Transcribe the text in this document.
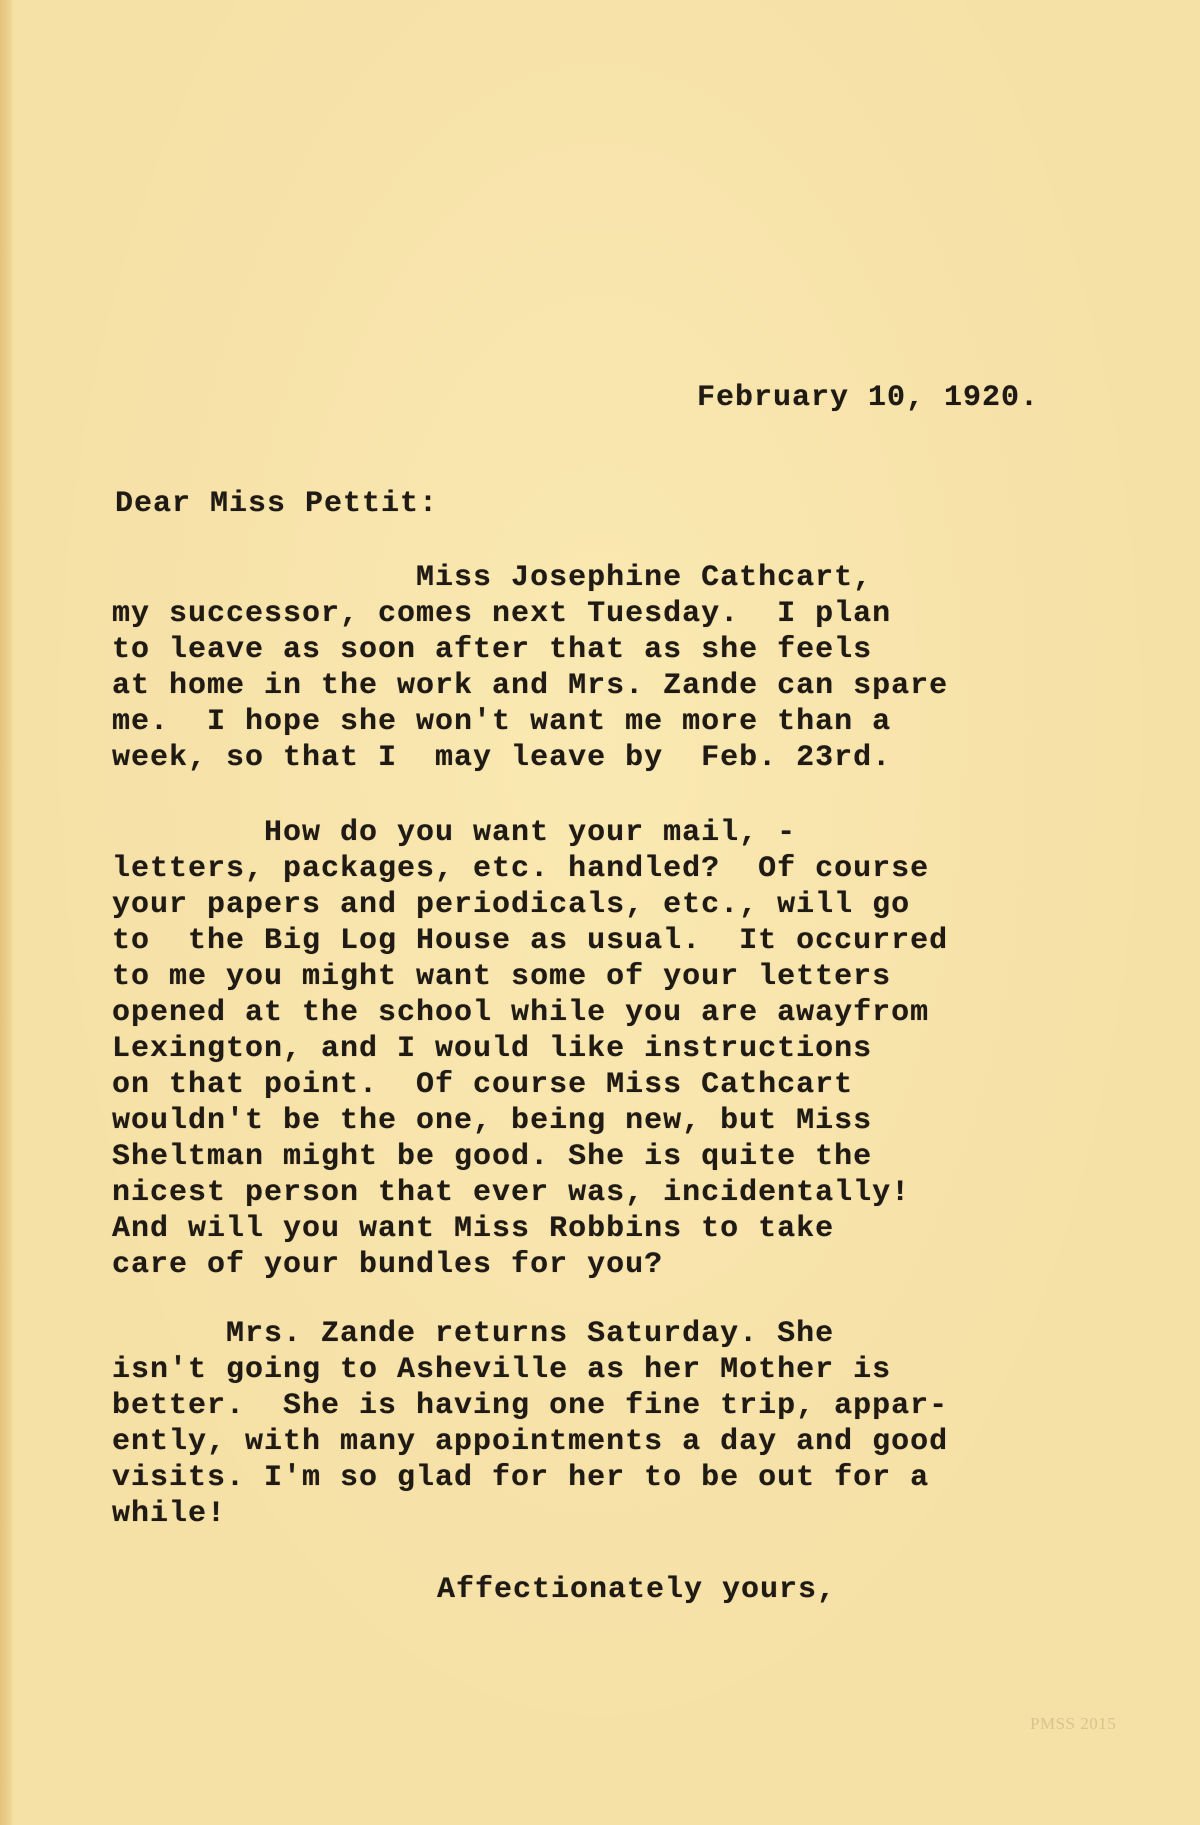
February 10, 1920.
Dear Miss Pettit:
Miss Josephine Cathcart,
my successor, comes next Tuesday.  I plan
to leave as soon after that as she feels
at home in the work and Mrs. Zande can spare
me.  I hope she won't want me more than a
week, so that I  may leave by  Feb. 23rd.
How do you want your mail, -
letters, packages, etc. handled?  Of course
your papers and periodicals, etc., will go
to  the Big Log House as usual.  It occurred
to me you might want some of your letters
opened at the school while you are awayfrom
Lexington, and I would like instructions
on that point.  Of course Miss Cathcart
wouldn't be the one, being new, but Miss
Sheltman might be good. She is quite the
nicest person that ever was, incidentally!
And will you want Miss Robbins to take
care of your bundles for you?
Mrs. Zande returns Saturday. She
isn't going to Asheville as her Mother is
better.  She is having one fine trip, appar-
ently, with many appointments a day and good
visits. I'm so glad for her to be out for a
while!
Affectionately yours,
PMSS 2015
